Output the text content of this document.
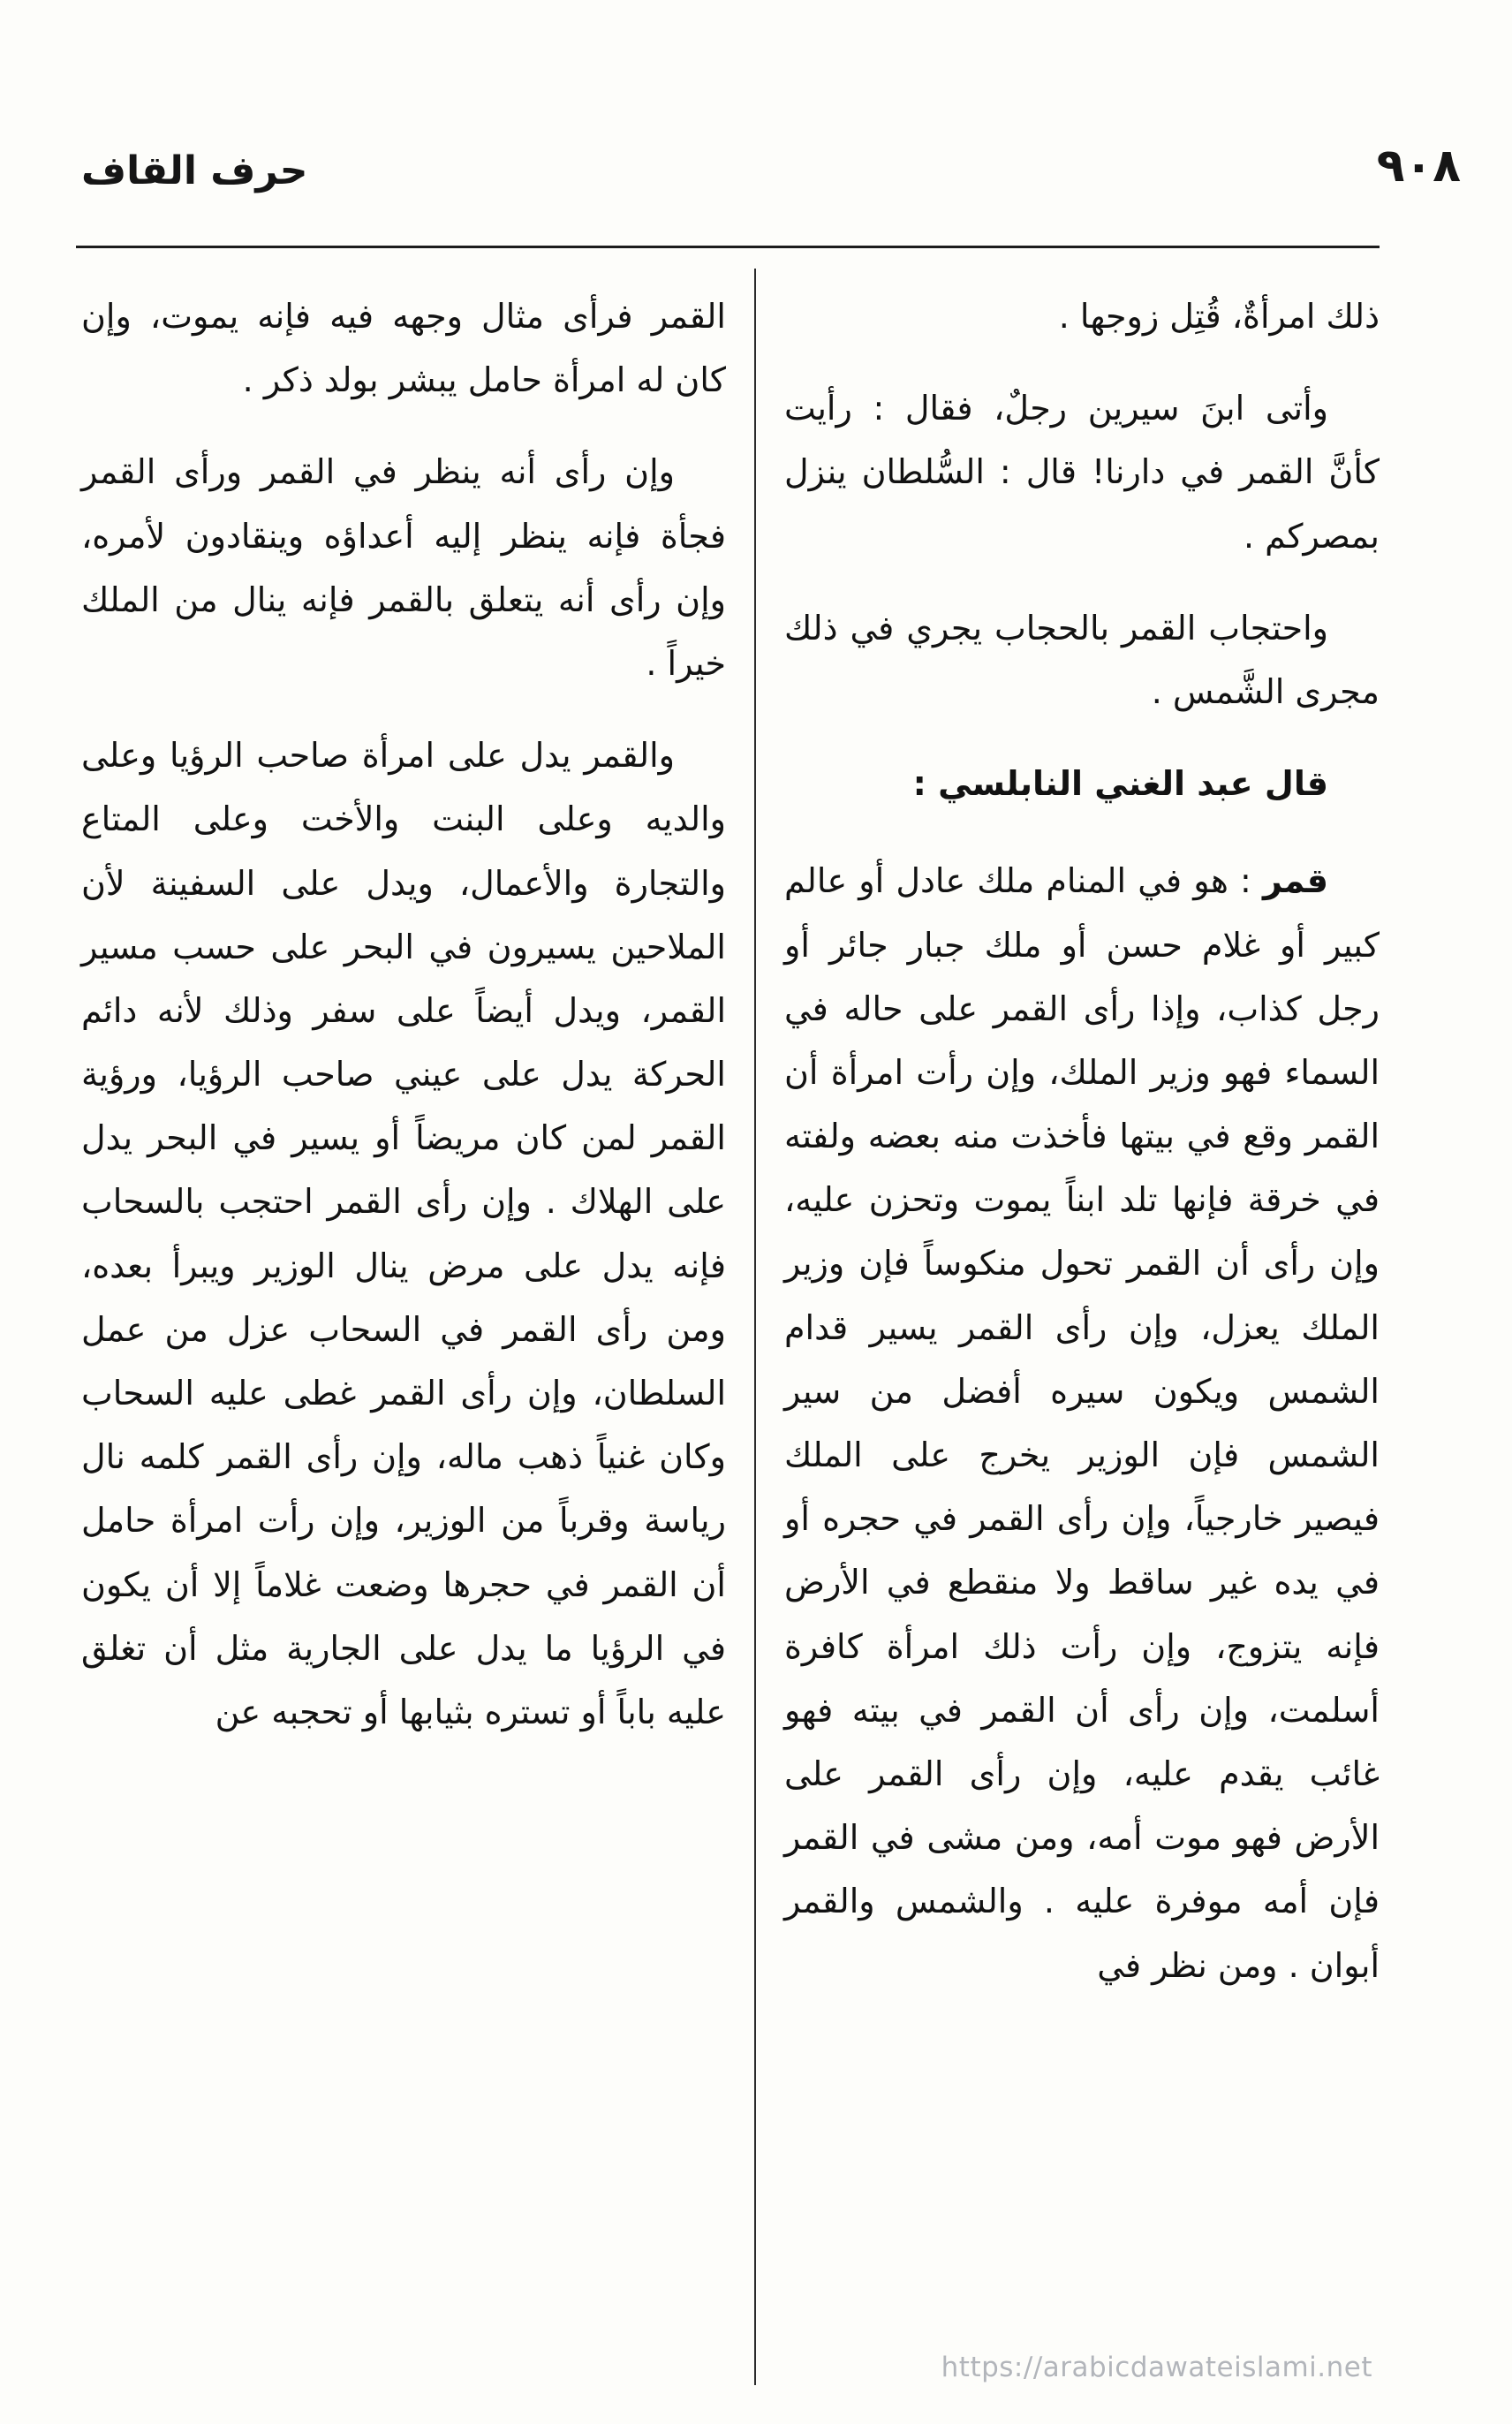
حرف القاف	٩٠٨

ذلك امرأةٌ، قُتِل زوجها .

وأتى ابنَ سيرين رجلٌ، فقال : رأيت كأنَّ القمر في دارنا! قال : السُّلطان ينزل بمصركم .

واحتجاب القمر بالحجاب يجري في ذلك مجرى الشَّمس .

قال عبد الغني النابلسي :

قمر : هو في المنام ملك عادل أو عالم كبير أو غلام حسن أو ملك جبار جائر أو رجل كذاب، وإذا رأى القمر على حاله في السماء فهو وزير الملك، وإن رأت امرأة أن القمر وقع في بيتها فأخذت منه بعضه ولفته في خرقة فإنها تلد ابناً يموت وتحزن عليه، وإن رأى أن القمر تحول منكوساً فإن وزير الملك يعزل، وإن رأى القمر يسير قدام الشمس ويكون سيره أفضل من سير الشمس فإن الوزير يخرج على الملك فيصير خارجياً، وإن رأى القمر في حجره أو في يده غير ساقط ولا منقطع في الأرض فإنه يتزوج، وإن رأت ذلك امرأة كافرة أسلمت، وإن رأى أن القمر في بيته فهو غائب يقدم عليه، وإن رأى القمر على الأرض فهو موت أمه، ومن مشى في القمر فإن أمه موفرة عليه . والشمس والقمر أبوان . ومن نظر في

القمر فرأى مثال وجهه فيه فإنه يموت، وإن كان له امرأة حامل يبشر بولد ذكر .

وإن رأى أنه ينظر في القمر ورأى القمر فجأة فإنه ينظر إليه أعداؤه وينقادون لأمره، وإن رأى أنه يتعلق بالقمر فإنه ينال من الملك خيراً .

والقمر يدل على امرأة صاحب الرؤيا وعلى والديه وعلى البنت والأخت وعلى المتاع والتجارة والأعمال، ويدل على السفينة لأن الملاحين يسيرون في البحر على حسب مسير القمر، ويدل أيضاً على سفر وذلك لأنه دائم الحركة يدل على عيني صاحب الرؤيا، ورؤية القمر لمن كان مريضاً أو يسير في البحر يدل على الهلاك . وإن رأى القمر احتجب بالسحاب فإنه يدل على مرض ينال الوزير ويبرأ بعده، ومن رأى القمر في السحاب عزل من عمل السلطان، وإن رأى القمر غطى عليه السحاب وكان غنياً ذهب ماله، وإن رأى القمر كلمه نال رياسة وقرباً من الوزير، وإن رأت امرأة حامل أن القمر في حجرها وضعت غلاماً إلا أن يكون في الرؤيا ما يدل على الجارية مثل أن تغلق عليه باباً أو تستره بثيابها أو تحجبه عن

https://arabicdawateislami.net
